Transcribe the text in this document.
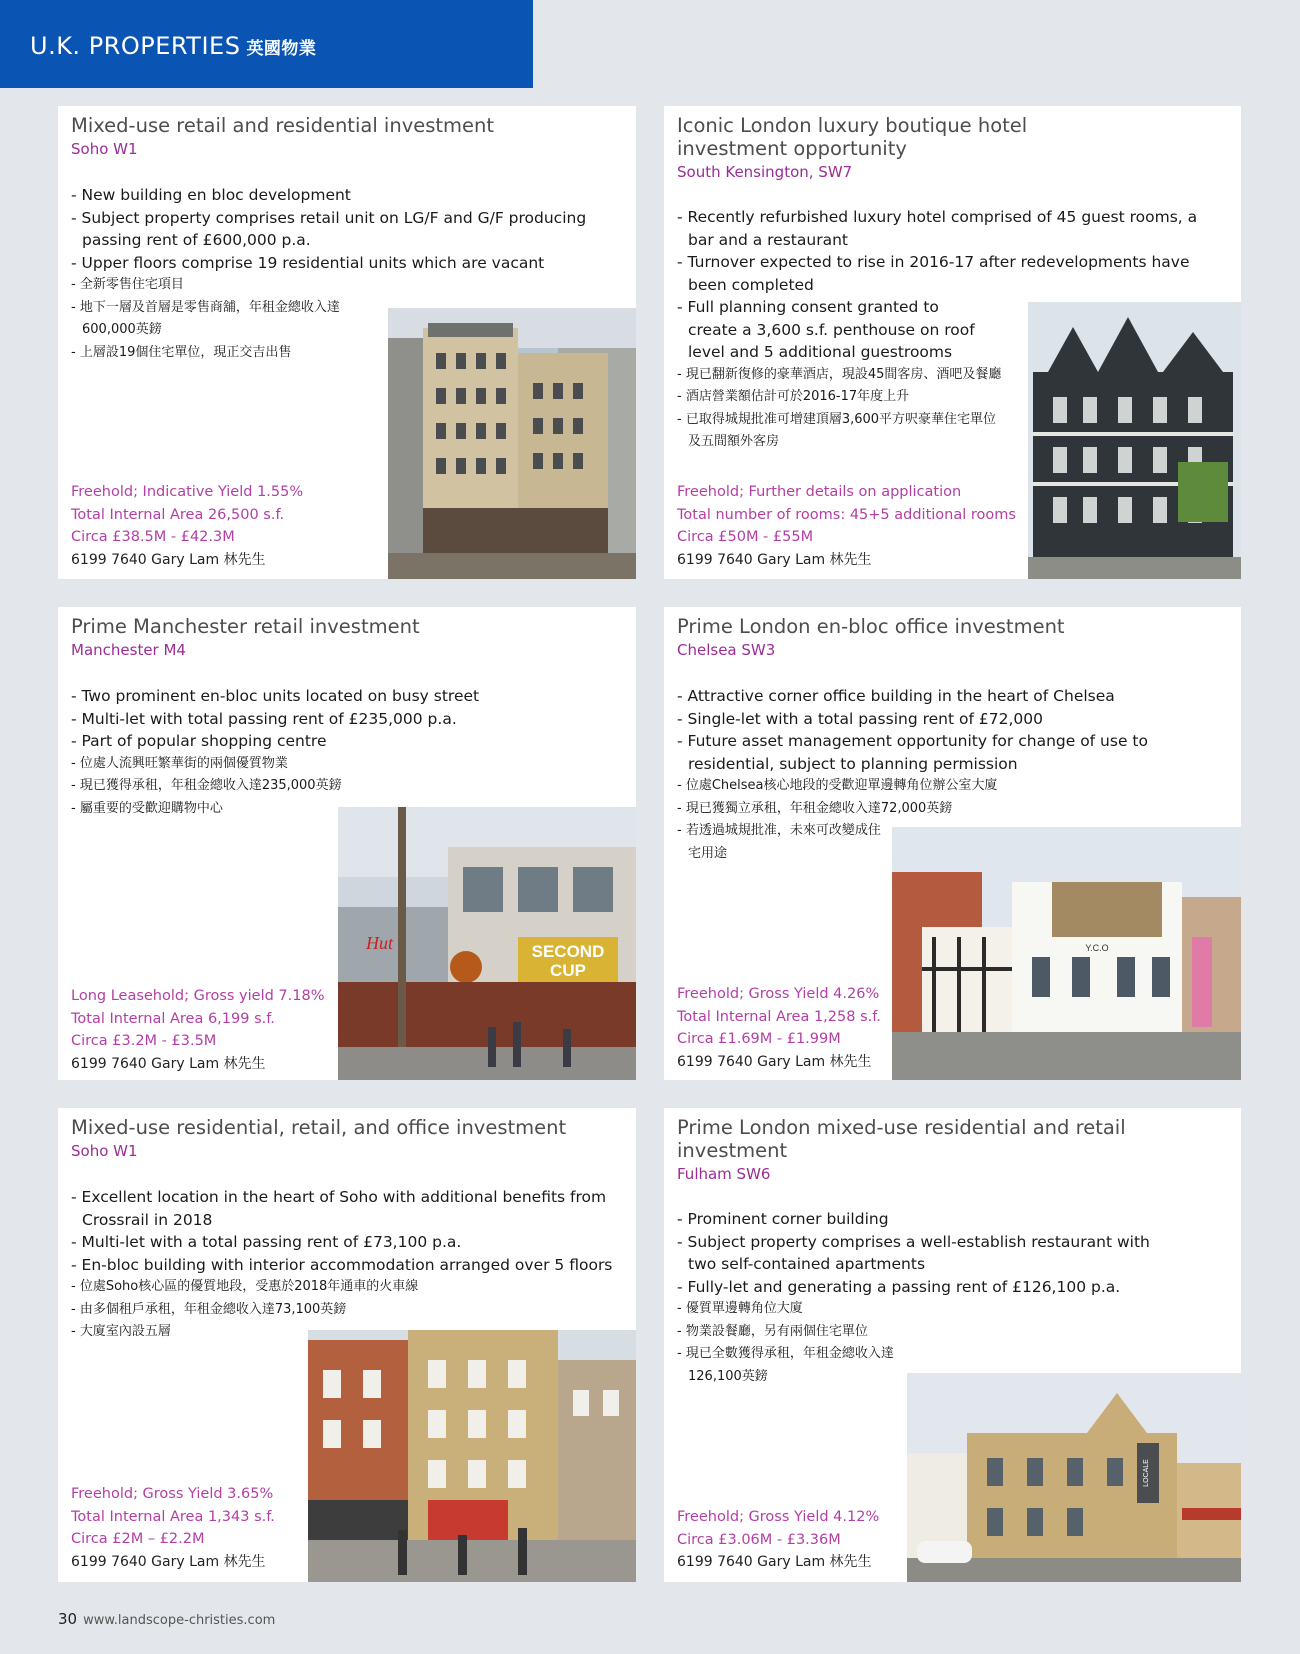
U.K. PROPERTIES 英國物業
Mixed-use retail and residential investment
Soho W1
- New building en bloc development
- Subject property comprises retail unit on LG/F and G/F producing passing rent of £600,000 p.a.
- Upper floors comprise 19 residential units which are vacant
- 全新零售住宅項目
- 地下一層及首層是零售商舖，年租金總收入達 600,000英鎊
- 上層設19個住宅單位，現正交吉出售
Freehold; Indicative Yield 1.55%
Total Internal Area 26,500 s.f.
Circa £38.5M - £42.3M
6199 7640 Gary Lam 林先生
Iconic London luxury boutique hotel
investment opportunity
South Kensington, SW7
- Recently refurbished luxury hotel comprised of 45 guest rooms, a bar and a restaurant
- Turnover expected to rise in 2016-17 after redevelopments have been completed
- Full planning consent granted to create a 3,600 s.f. penthouse on roof level and 5 additional guestrooms
- 現已翻新復修的豪華酒店，現設45間客房、酒吧及餐廳
- 酒店營業額估計可於2016-17年度上升
- 已取得城規批准可增建頂層3,600平方呎豪華住宅單位及五間額外客房
Freehold; Further details on application
Total number of rooms: 45+5 additional rooms
Circa £50M - £55M
6199 7640 Gary Lam 林先生
Prime Manchester retail investment
Manchester M4
- Two prominent en-bloc units located on busy street
- Multi-let with total passing rent of £235,000 p.a.
- Part of popular shopping centre
- 位處人流興旺繁華街的兩個優質物業
- 現已獲得承租，年租金總收入達235,000英鎊
- 屬重要的受歡迎購物中心
Long Leasehold; Gross yield 7.18%
Total Internal Area 6,199 s.f.
Circa £3.2M - £3.5M
6199 7640 Gary Lam 林先生
SECOND
CUP
Hut
Prime London en-bloc office investment
Chelsea SW3
- Attractive corner office building in the heart of Chelsea
- Single-let with a total passing rent of £72,000
- Future asset management opportunity for change of use to residential, subject to planning permission
- 位處Chelsea核心地段的受歡迎單邊轉角位辦公室大廈
- 現已獲獨立承租，年租金總收入達72,000英鎊
- 若透過城規批准，未來可改變成住宅用途
Freehold; Gross Yield 4.26%
Total Internal Area 1,258 s.f.
Circa £1.69M - £1.99M
6199 7640 Gary Lam 林先生
Y.C.O
Mixed-use residential, retail, and office investment
Soho W1
- Excellent location in the heart of Soho with additional benefits from Crossrail in 2018
- Multi-let with a total passing rent of £73,100 p.a.
- En-bloc building with interior accommodation arranged over 5 floors
- 位處Soho核心區的優質地段，受惠於2018年通車的火車線
- 由多個租戶承租，年租金總收入達73,100英鎊
- 大廈室內設五層
Freehold; Gross Yield 3.65%
Total Internal Area 1,343 s.f.
Circa £2M – £2.2M
6199 7640 Gary Lam 林先生
Prime London mixed-use residential and retail
investment
Fulham SW6
- Prominent corner building
- Subject property comprises a well-establish restaurant with two self-contained apartments
- Fully-let and generating a passing rent of £126,100 p.a.
- 優質單邊轉角位大廈
- 物業設餐廳，另有兩個住宅單位
- 現已全數獲得承租，年租金總收入達126,100英鎊
Freehold; Gross Yield 4.12%
Circa £3.06M - £3.36M
6199 7640 Gary Lam 林先生
LOCALE
30 www.landscope-christies.com
